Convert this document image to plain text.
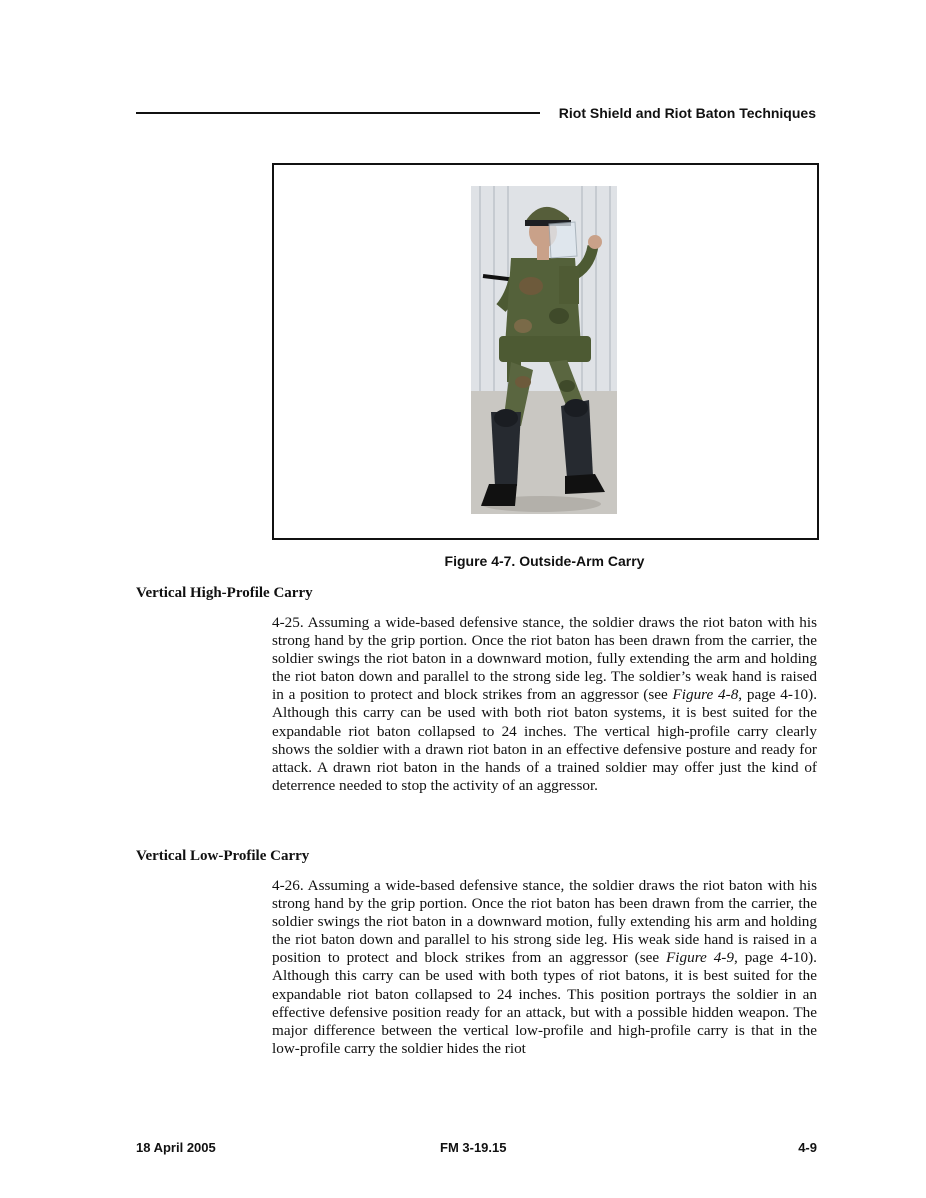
Riot Shield and Riot Baton Techniques
Figure 4-7. Outside-Arm Carry
Vertical High-Profile Carry

4-25. Assuming a wide-based defensive stance, the soldier draws the riot baton with his strong hand by the grip portion. Once the riot baton has been drawn from the carrier, the soldier swings the riot baton in a downward motion, fully extending the arm and holding the riot baton down and parallel to the strong side leg. The soldier’s weak hand is raised in a position to protect and block strikes from an aggressor (see Figure 4-8, page 4-10). Although this carry can be used with both riot baton systems, it is best suited for the expandable riot baton collapsed to 24 inches. The vertical high-profile carry clearly shows the soldier with a drawn riot baton in an effective defensive posture and ready for attack. A drawn riot baton in the hands of a trained soldier may offer just the kind of deterrence needed to stop the activity of an aggressor.

Vertical Low-Profile Carry

4-26. Assuming a wide-based defensive stance, the soldier draws the riot baton with his strong hand by the grip portion. Once the riot baton has been drawn from the carrier, the soldier swings the riot baton in a downward motion, fully extending his arm and holding the riot baton down and parallel to his strong side leg. His weak side hand is raised in a position to protect and block strikes from an aggressor (see Figure 4-9, page 4-10). Although this carry can be used with both types of riot batons, it is best suited for the expandable riot baton collapsed to 24 inches. This position portrays the soldier in an effective defensive position ready for an attack, but with a possible hidden weapon. The major difference between the vertical low-profile and high-profile carry is that in the low-profile carry the soldier hides the riot

18 April 2005	FM 3-19.15	4-9
